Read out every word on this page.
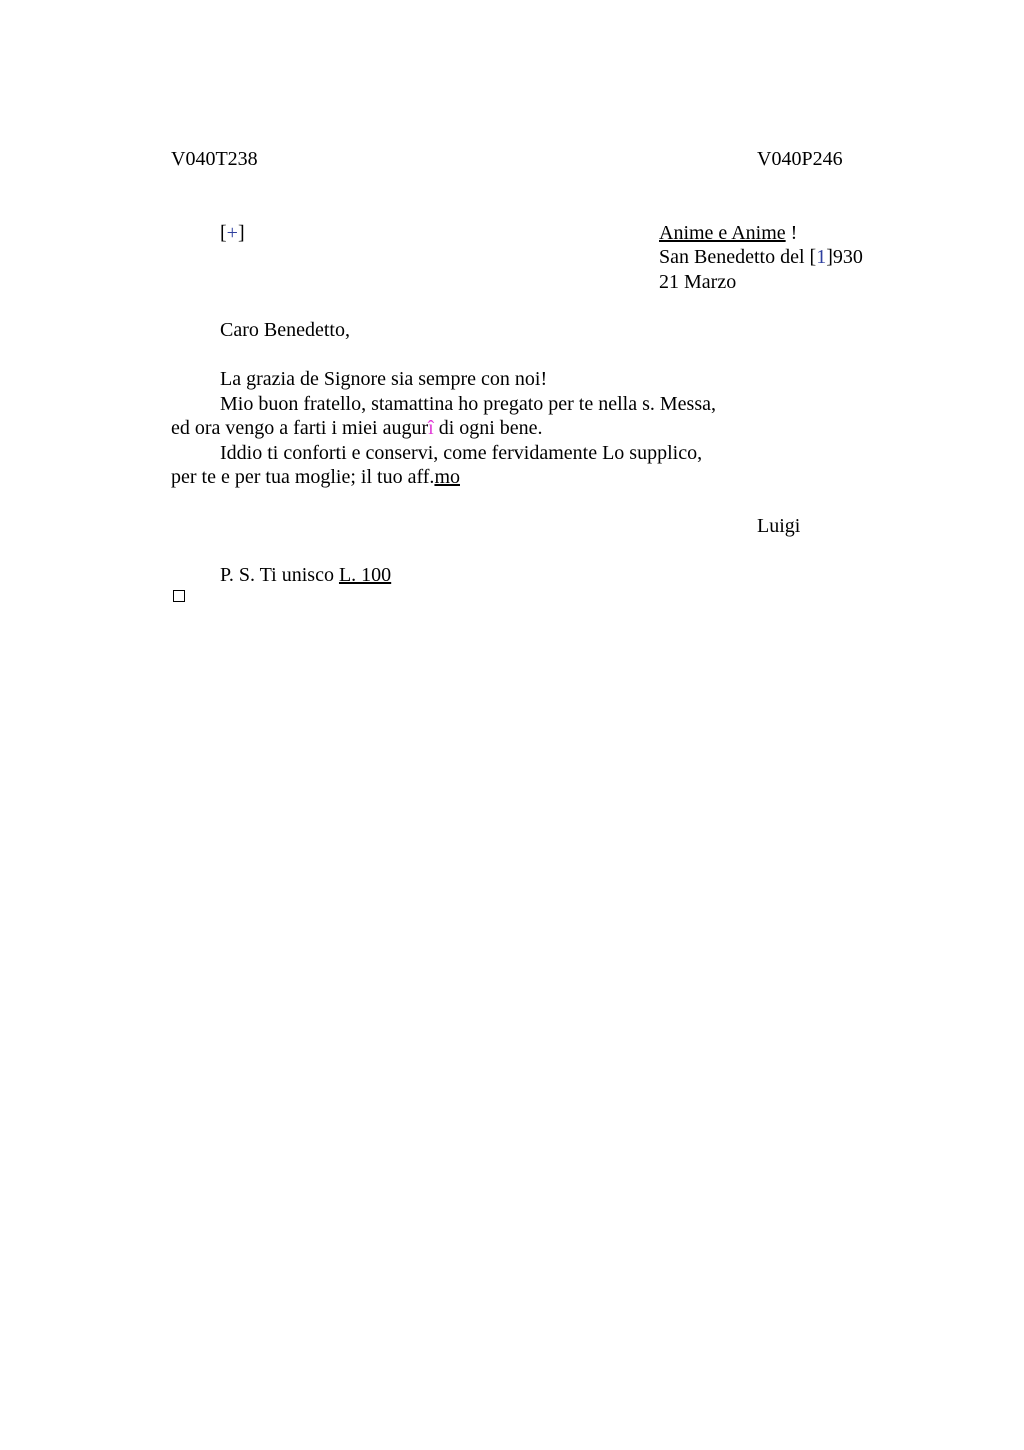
V040T238	V040P246
[+]	Anime e Anime !
San Benedetto del [1]930
21 Marzo
Caro Benedetto,
La grazia de Signore sia sempre con noi!
Mio buon fratello, stamattina ho pregato per te nella s. Messa,
ed ora vengo a farti i miei augurî di ogni bene.
Iddio ti conforti e conservi, come fervidamente Lo supplico,
per te e per tua moglie; il tuo aff.mo
Luigi
P. S. Ti unisco L. 100
